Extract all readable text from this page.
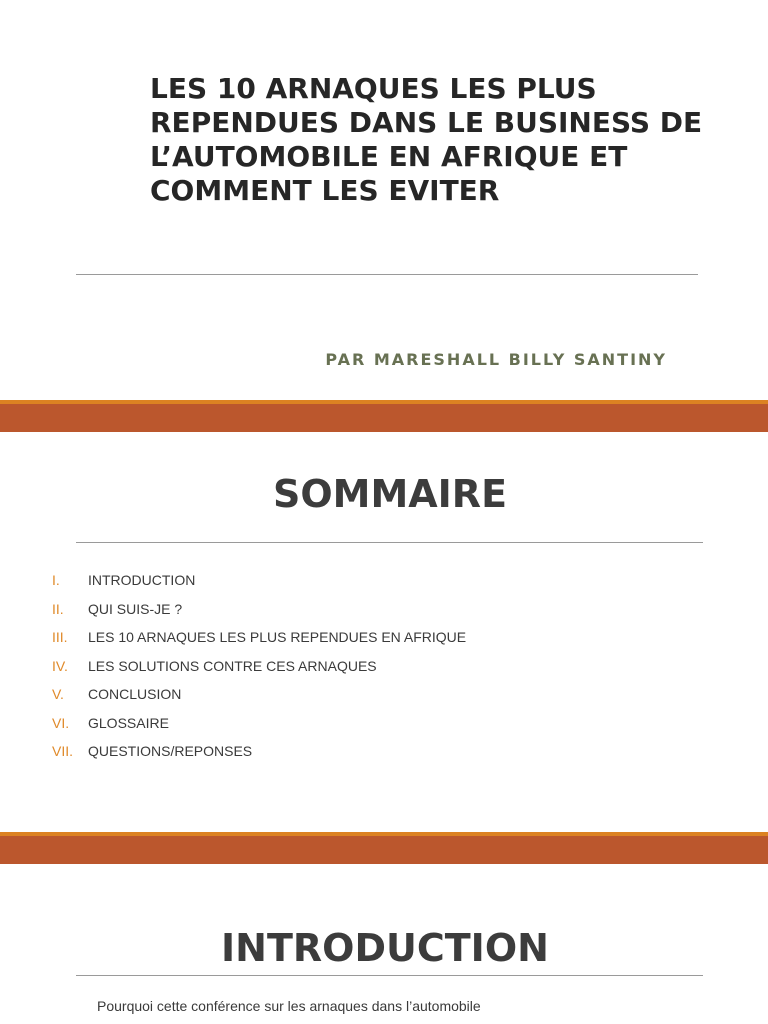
LES 10 ARNAQUES LES PLUS
REPENDUES DANS LE BUSINESS DE
L’AUTOMOBILE EN AFRIQUE ET
COMMENT LES EVITER
PAR MARESHALL BILLY SANTINY
SOMMAIRE
I.	INTRODUCTION
II.	QUI SUIS-JE ?
III.	LES 10 ARNAQUES LES PLUS REPENDUES EN AFRIQUE
IV.	LES SOLUTIONS CONTRE CES ARNAQUES
V.	CONCLUSION
VI.	GLOSSAIRE
VII.	QUESTIONS/REPONSES
INTRODUCTION
Pourquoi cette conférence sur les arnaques dans l’automobile
